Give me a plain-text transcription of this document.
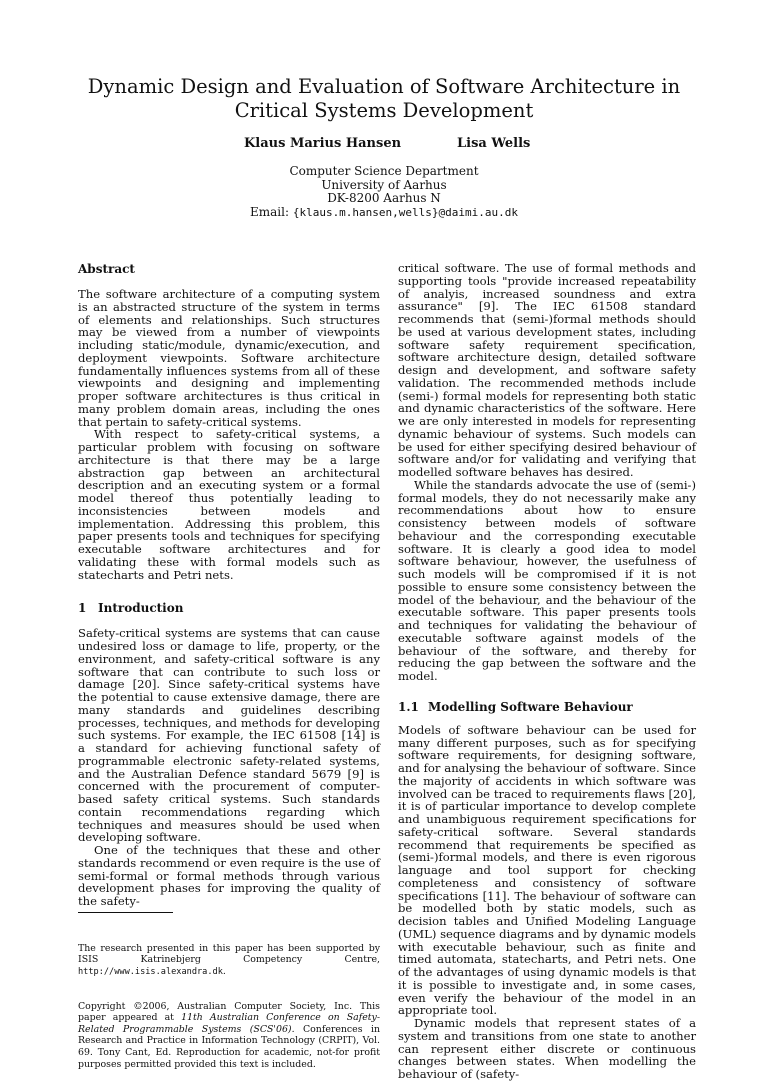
Dynamic Design and Evaluation of Software Architecture in Critical Systems Development
Klaus Marius Hansen	Lisa Wells
Computer Science Department
University of Aarhus
DK-8200 Aarhus N
Email: {klaus.m.hansen,wells}@daimi.au.dk
Abstract

The software architecture of a computing system is an abstracted structure of the system in terms of elements and relationships. Such structures may be viewed from a number of viewpoints including static/module, dynamic/execution, and deployment viewpoints. Software architecture fundamentally influences systems from all of these viewpoints and designing and implementing proper software architectures is thus critical in many problem domain areas, including the ones that pertain to safety-critical systems.

With respect to safety-critical systems, a particular problem with focusing on software architecture is that there may be a large abstraction gap between an architectural description and an executing system or a formal model thereof thus potentially leading to inconsistencies between models and implementation. Addressing this problem, this paper presents tools and techniques for specifying executable software architectures and for validating these with formal models such as statecharts and Petri nets.

1 Introduction

Safety-critical systems are systems that can cause undesired loss or damage to life, property, or the environment, and safety-critical software is any software that can contribute to such loss or damage [20]. Since safety-critical systems have the potential to cause extensive damage, there are many standards and guidelines describing processes, techniques, and methods for developing such systems. For example, the IEC 61508 [14] is a standard for achieving functional safety of programmable electronic safety-related systems, and the Australian Defence standard 5679 [9] is concerned with the procurement of computer-based safety critical systems. Such standards contain recommendations regarding which techniques and measures should be used when developing software.

One of the techniques that these and other standards recommend or even require is the use of semi-formal or formal methods through various development phases for improving the quality of the safety-

The research presented in this paper has been supported by ISIS Katrinebjerg Competency Centre, http://www.isis.alexandra.dk.
Copyright ©2006, Australian Computer Society, Inc. This paper appeared at 11th Australian Conference on Safety-Related Programmable Systems (SCS'06). Conferences in Research and Practice in Information Technology (CRPIT), Vol. 69. Tony Cant, Ed. Reproduction for academic, not-for profit purposes permitted provided this text is included.

critical software. The use of formal methods and supporting tools "provide increased repeatability of analyis, increased soundness and extra assurance" [9]. The IEC 61508 standard recommends that (semi-)formal methods should be used at various development states, including software safety requirement specification, software architecture design, detailed software design and development, and software safety validation. The recommended methods include (semi-) formal models for representing both static and dynamic characteristics of the software. Here we are only interested in models for representing dynamic behaviour of systems. Such models can be used for either specifying desired behaviour of software and/or for validating and verifying that modelled software behaves has desired.

While the standards advocate the use of (semi-) formal models, they do not necessarily make any recommendations about how to ensure consistency between models of software behaviour and the corresponding executable software. It is clearly a good idea to model software behaviour, however, the usefulness of such models will be compromised if it is not possible to ensure some consistency between the model of the behaviour, and the behaviour of the executable software. This paper presents tools and techniques for validating the behaviour of executable software against models of the behaviour of the software, and thereby for reducing the gap between the software and the model.

1.1 Modelling Software Behaviour

Models of software behaviour can be used for many different purposes, such as for specifying software requirements, for designing software, and for analysing the behaviour of software. Since the majority of accidents in which software was involved can be traced to requirements flaws [20], it is of particular importance to develop complete and unambiguous requirement specifications for safety-critical software. Several standards recommend that requirements be specified as (semi-)formal models, and there is even rigorous language and tool support for checking completeness and consistency of software specifications [11]. The behaviour of software can be modelled both by static models, such as decision tables and Unified Modeling Language (UML) sequence diagrams and by dynamic models with executable behaviour, such as finite and timed automata, statecharts, and Petri nets. One of the advantages of using dynamic models is that it is possible to investigate and, in some cases, even verify the behaviour of the model in an appropriate tool.

Dynamic models that represent states of a system and transitions from one state to another can represent either discrete or continuous changes between states. When modelling the behaviour of (safety-
